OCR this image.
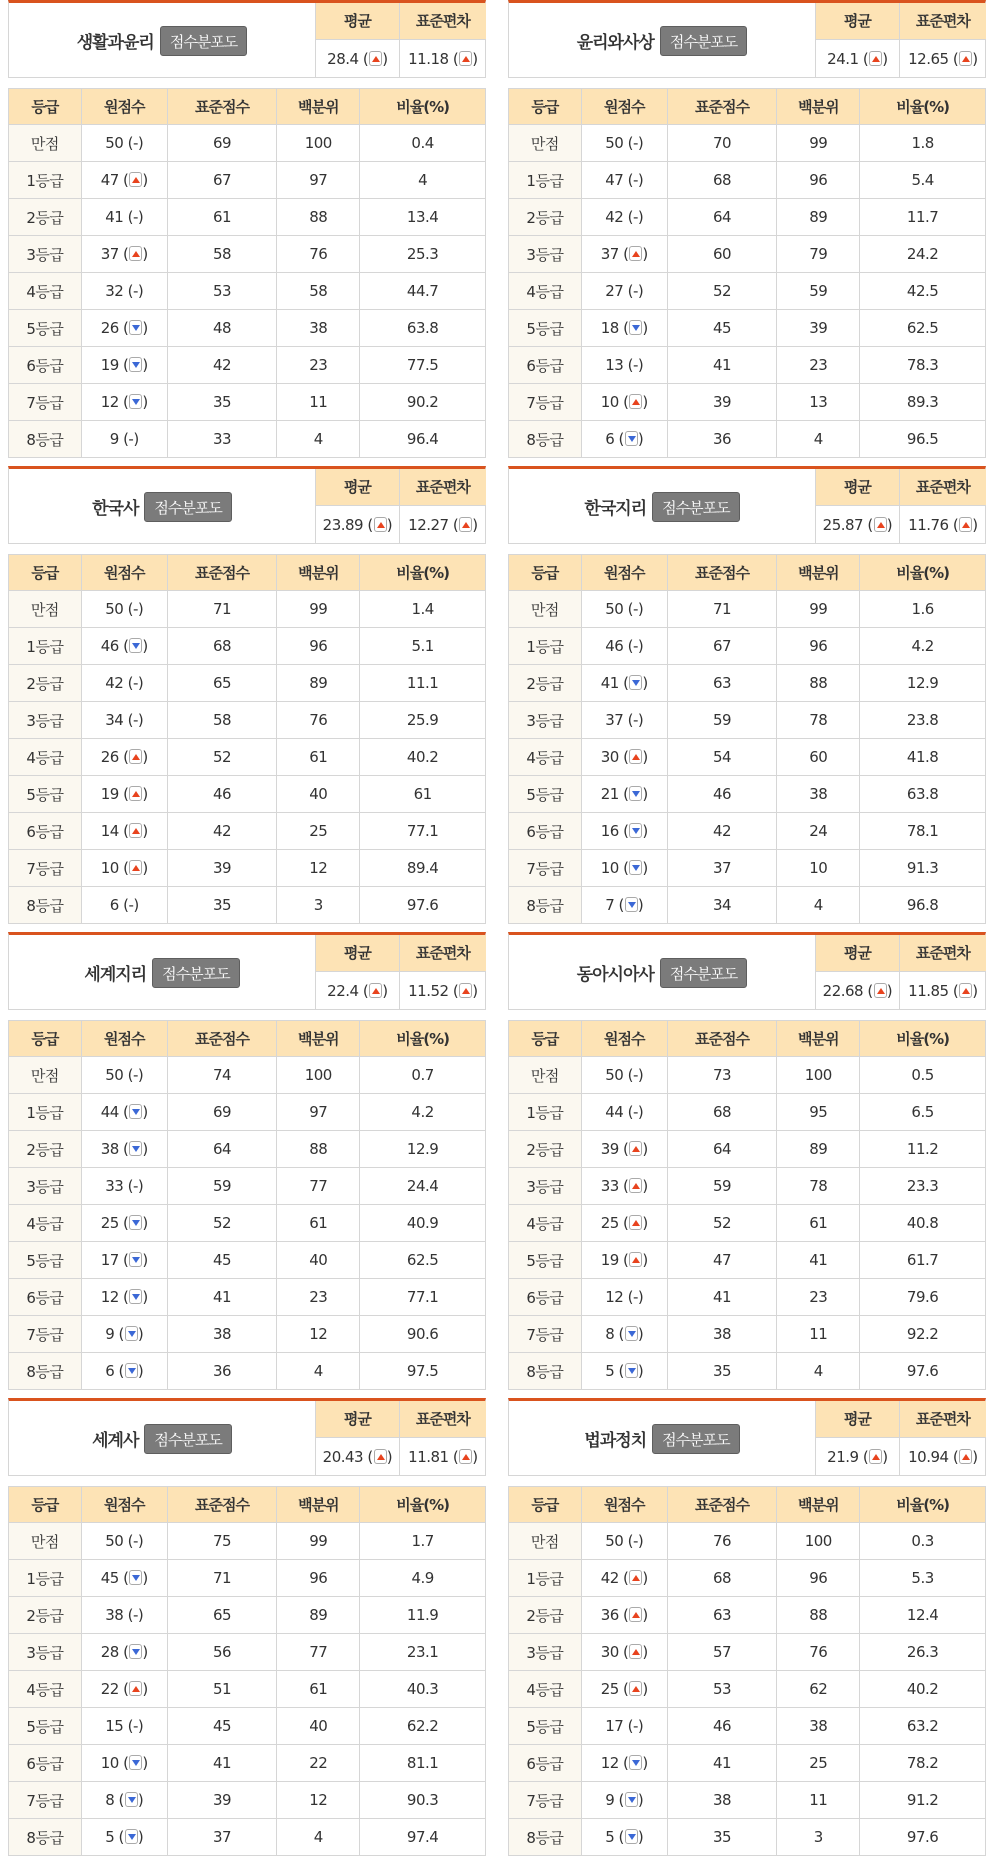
생활과윤리	점수분포도
평균	표준편차
28.4 ( )	11.18 ( )
등급	원점수	표준점수	백분위	비율(%)
만점	50 (-)	69	100	0.4
1등급	47 ( )	67	97	4
2등급	41 (-)	61	88	13.4
3등급	37 ( )	58	76	25.3
4등급	32 (-)	53	58	44.7
5등급	26 ( )	48	38	63.8
6등급	19 ( )	42	23	77.5
7등급	12 ( )	35	11	90.2
8등급	9 (-)	33	4	96.4
윤리와사상	점수분포도
평균	표준편차
24.1 ( )	12.65 ( )
등급	원점수	표준점수	백분위	비율(%)
만점	50 (-)	70	99	1.8
1등급	47 (-)	68	96	5.4
2등급	42 (-)	64	89	11.7
3등급	37 ( )	60	79	24.2
4등급	27 (-)	52	59	42.5
5등급	18 ( )	45	39	62.5
6등급	13 (-)	41	23	78.3
7등급	10 ( )	39	13	89.3
8등급	6 ( )	36	4	96.5
한국사	점수분포도
평균	표준편차
23.89 ( )	12.27 ( )
등급	원점수	표준점수	백분위	비율(%)
만점	50 (-)	71	99	1.4
1등급	46 ( )	68	96	5.1
2등급	42 (-)	65	89	11.1
3등급	34 (-)	58	76	25.9
4등급	26 ( )	52	61	40.2
5등급	19 ( )	46	40	61
6등급	14 ( )	42	25	77.1
7등급	10 ( )	39	12	89.4
8등급	6 (-)	35	3	97.6
한국지리	점수분포도
평균	표준편차
25.87 ( )	11.76 ( )
등급	원점수	표준점수	백분위	비율(%)
만점	50 (-)	71	99	1.6
1등급	46 (-)	67	96	4.2
2등급	41 ( )	63	88	12.9
3등급	37 (-)	59	78	23.8
4등급	30 ( )	54	60	41.8
5등급	21 ( )	46	38	63.8
6등급	16 ( )	42	24	78.1
7등급	10 ( )	37	10	91.3
8등급	7 ( )	34	4	96.8
세계지리	점수분포도
평균	표준편차
22.4 ( )	11.52 ( )
등급	원점수	표준점수	백분위	비율(%)
만점	50 (-)	74	100	0.7
1등급	44 ( )	69	97	4.2
2등급	38 ( )	64	88	12.9
3등급	33 (-)	59	77	24.4
4등급	25 ( )	52	61	40.9
5등급	17 ( )	45	40	62.5
6등급	12 ( )	41	23	77.1
7등급	9 ( )	38	12	90.6
8등급	6 ( )	36	4	97.5
동아시아사	점수분포도
평균	표준편차
22.68 ( )	11.85 ( )
등급	원점수	표준점수	백분위	비율(%)
만점	50 (-)	73	100	0.5
1등급	44 (-)	68	95	6.5
2등급	39 ( )	64	89	11.2
3등급	33 ( )	59	78	23.3
4등급	25 ( )	52	61	40.8
5등급	19 ( )	47	41	61.7
6등급	12 (-)	41	23	79.6
7등급	8 ( )	38	11	92.2
8등급	5 ( )	35	4	97.6
세계사	점수분포도
평균	표준편차
20.43 ( )	11.81 ( )
등급	원점수	표준점수	백분위	비율(%)
만점	50 (-)	75	99	1.7
1등급	45 ( )	71	96	4.9
2등급	38 (-)	65	89	11.9
3등급	28 ( )	56	77	23.1
4등급	22 ( )	51	61	40.3
5등급	15 (-)	45	40	62.2
6등급	10 ( )	41	22	81.1
7등급	8 ( )	39	12	90.3
8등급	5 ( )	37	4	97.4
법과정치	점수분포도
평균	표준편차
21.9 ( )	10.94 ( )
등급	원점수	표준점수	백분위	비율(%)
만점	50 (-)	76	100	0.3
1등급	42 ( )	68	96	5.3
2등급	36 ( )	63	88	12.4
3등급	30 ( )	57	76	26.3
4등급	25 ( )	53	62	40.2
5등급	17 (-)	46	38	63.2
6등급	12 ( )	41	25	78.2
7등급	9 ( )	38	11	91.2
8등급	5 ( )	35	3	97.6
